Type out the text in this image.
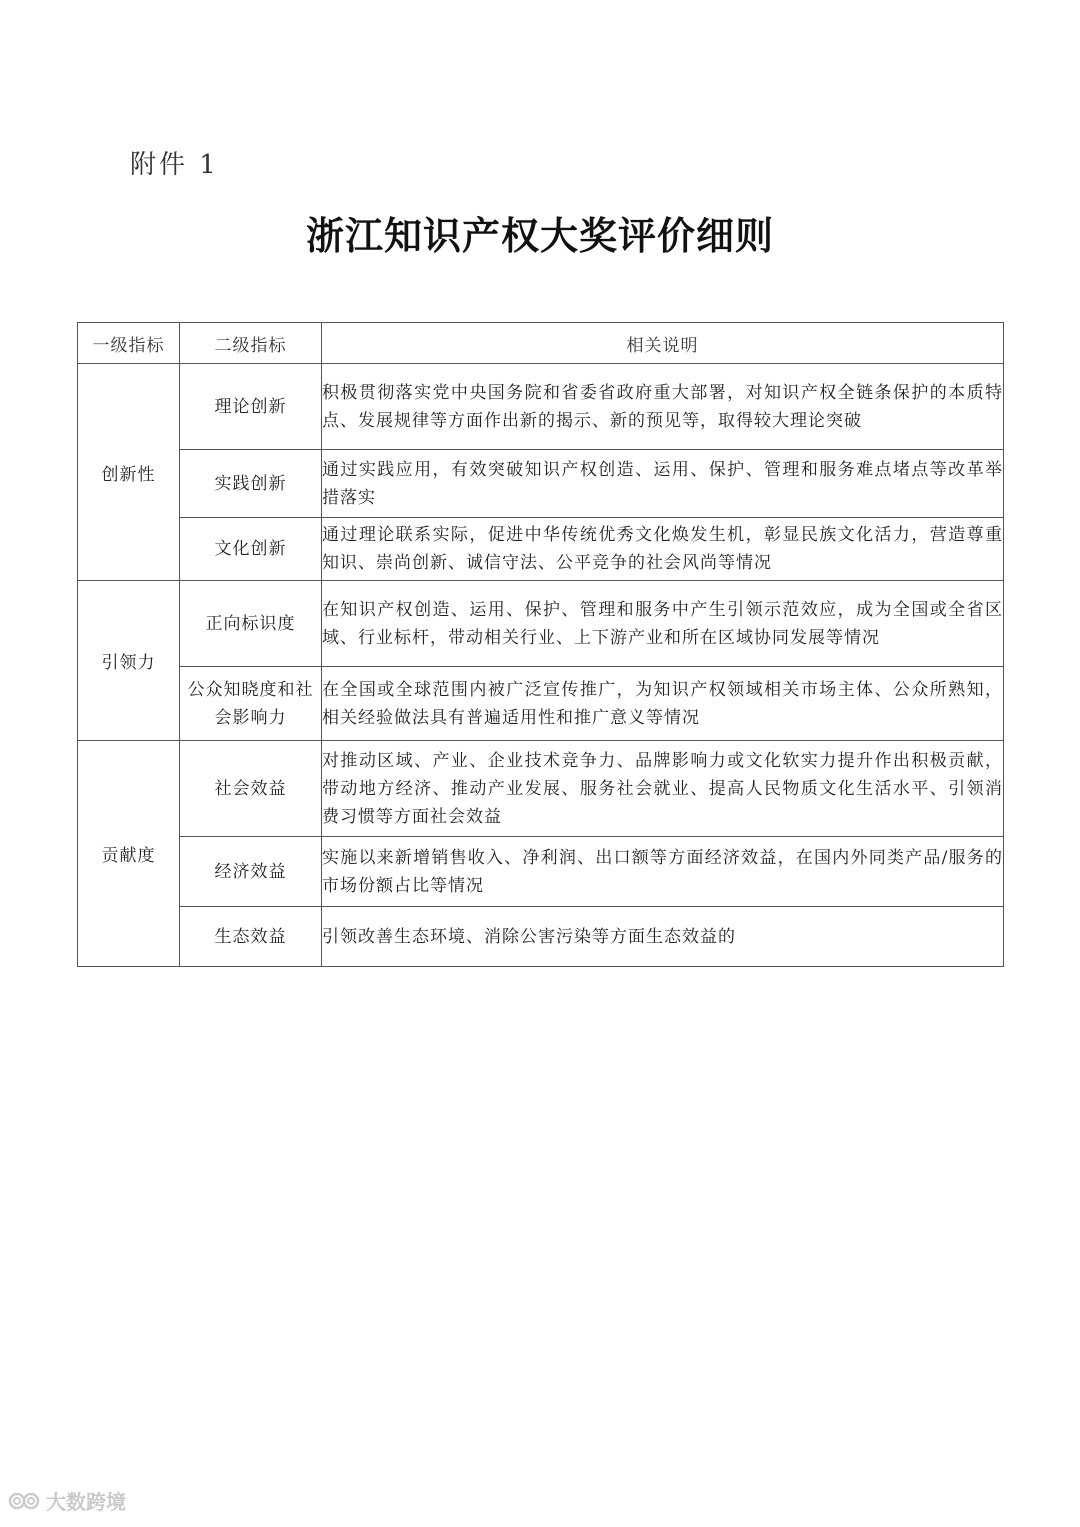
附件 1
浙江知识产权大奖评价细则
一级指标	二级指标	相关说明
创新性	理论创新	积极贯彻落实党中央国务院和省委省政府重大部署，对知识产权全链条保护的本质特点、发展规律等方面作出新的揭示、新的预见等，取得较大理论突破
	实践创新	通过实践应用，有效突破知识产权创造、运用、保护、管理和服务难点堵点等改革举措落实
	文化创新	通过理论联系实际，促进中华传统优秀文化焕发生机，彰显民族文化活力，营造尊重知识、崇尚创新、诚信守法、公平竞争的社会风尚等情况
引领力	正向标识度	在知识产权创造、运用、保护、管理和服务中产生引领示范效应，成为全国或全省区域、行业标杆，带动相关行业、上下游产业和所在区域协同发展等情况
	公众知晓度和社会影响力	在全国或全球范围内被广泛宣传推广，为知识产权领域相关市场主体、公众所熟知，相关经验做法具有普遍适用性和推广意义等情况
贡献度	社会效益	对推动区域、产业、企业技术竞争力、品牌影响力或文化软实力提升作出积极贡献，带动地方经济、推动产业发展、服务社会就业、提高人民物质文化生活水平、引领消费习惯等方面社会效益
	经济效益	实施以来新增销售收入、净利润、出口额等方面经济效益，在国内外同类产品/服务的市场份额占比等情况
	生态效益	引领改善生态环境、消除公害污染等方面生态效益的
大数跨境
